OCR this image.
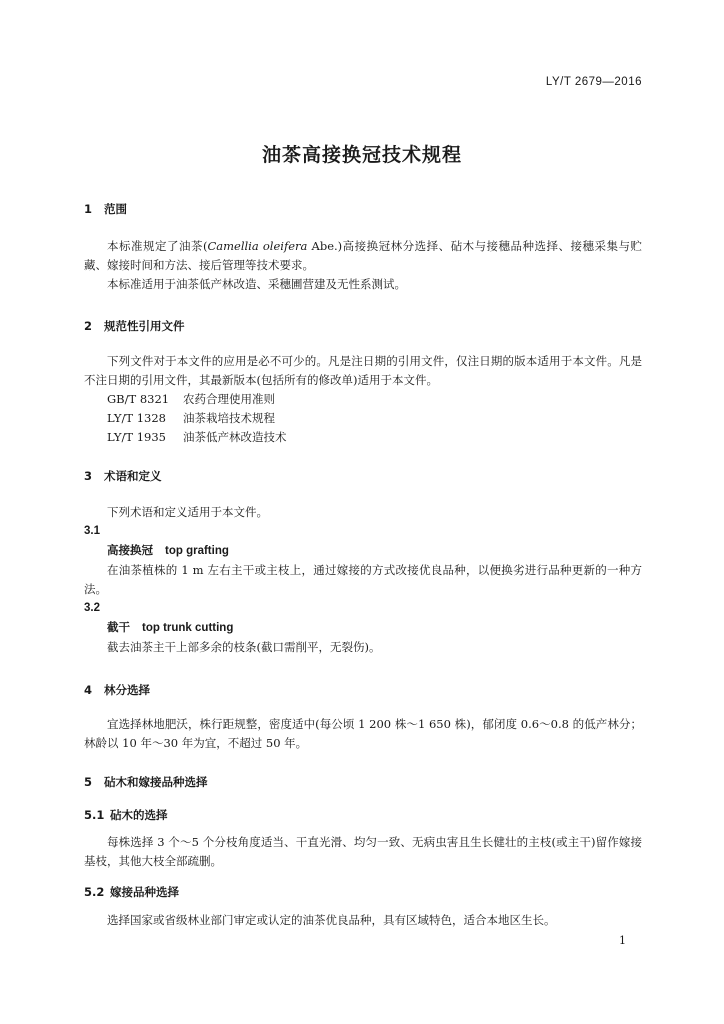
LY/T 2679—2016
油茶高接换冠技术规程
1 范围

本标准规定了油茶(Camellia oleifera Abe.)高接换冠林分选择、砧木与接穗品种选择、接穗采集与贮藏、嫁接时间和方法、接后管理等技术要求。

本标准适用于油茶低产林改造、采穗圃营建及无性系测试。

2 规范性引用文件

下列文件对于本文件的应用是必不可少的。凡是注日期的引用文件，仅注日期的版本适用于本文件。凡是不注日期的引用文件，其最新版本(包括所有的修改单)适用于本文件。

GB/T 8321 农药合理使用准则

LY/T 1328 油茶栽培技术规程

LY/T 1935 油茶低产林改造技术

3 术语和定义

下列术语和定义适用于本文件。

3.1

高接换冠 top grafting

在油茶植株的 1 m 左右主干或主枝上，通过嫁接的方式改接优良品种，以便换劣进行品种更新的一种方法。

3.2

截干 top trunk cutting

截去油茶主干上部多余的枝条(截口需削平，无裂伤)。

4 林分选择

宜选择林地肥沃，株行距规整，密度适中(每公顷 1 200 株～1 650 株)，郁闭度 0.6～0.8 的低产林分；林龄以 10 年～30 年为宜，不超过 50 年。

5 砧木和嫁接品种选择
5.1 砧木的选择

每株选择 3 个～5 个分枝角度适当、干直光滑、均匀一致、无病虫害且生长健壮的主枝(或主干)留作嫁接基枝，其他大枝全部疏删。

5.2 嫁接品种选择

选择国家或省级林业部门审定或认定的油茶优良品种，具有区域特色，适合本地区生长。

1
